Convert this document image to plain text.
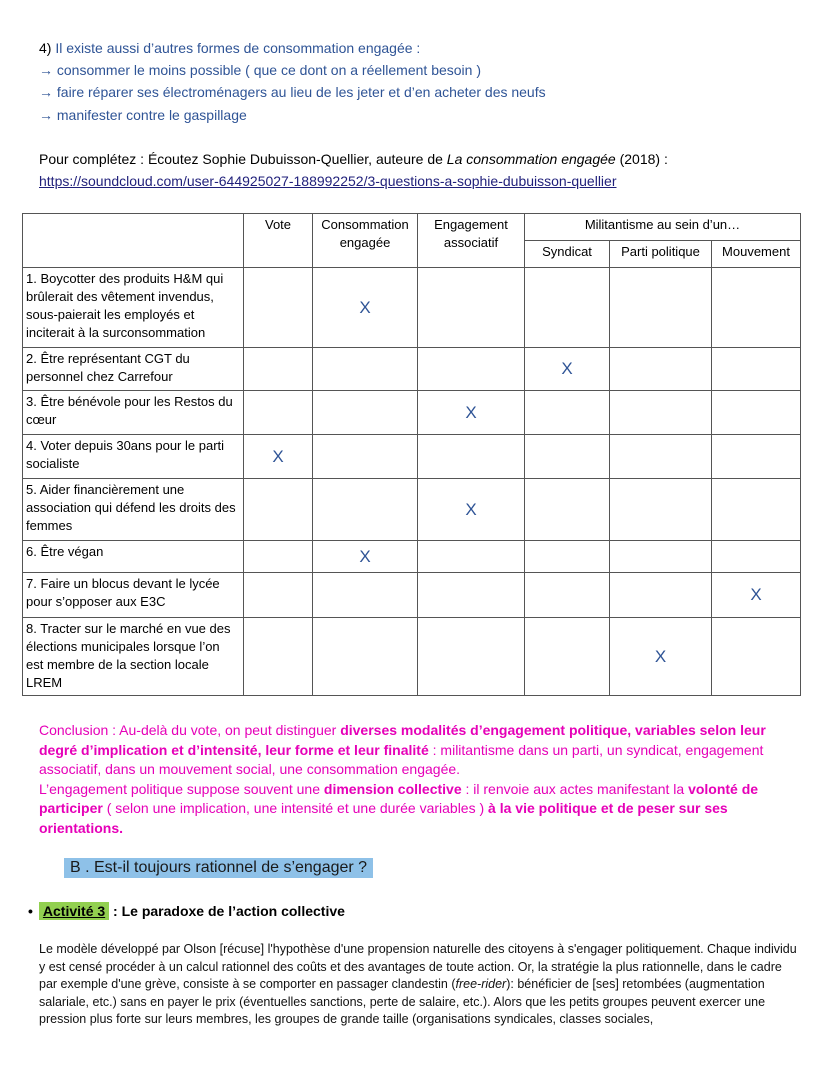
4) Il existe aussi d’autres formes de consommation engagée :
→ consommer le moins possible ( que ce dont on a réellement besoin )
→ faire réparer ses électroménagers au lieu de les jeter et d’en acheter des neufs
→ manifester contre le gaspillage
Pour complétez : Écoutez Sophie Dubuisson-Quellier, auteure de La consommation engagée (2018) :
https://soundcloud.com/user-644925027-188992252/3-questions-a-sophie-dubuisson-quellier
	Vote	Consommation engagée	Engagement associatif	Militantisme au sein d’un…		
				Syndicat	Parti politique	Mouvement
1. Boycotter des produits H&M qui brûlerait des vêtement invendus, sous-paierait les employés et inciterait à la surconsommation		X				
2. Être représentant CGT du personnel chez Carrefour				X		
3. Être bénévole pour les Restos du cœur			X			
4. Voter depuis 30ans pour le parti socialiste	X					
5. Aider financièrement une association qui défend les droits des femmes			X			
6. Être végan		X				
7. Faire un blocus devant le lycée pour s’opposer aux E3C						X
8. Tracter sur le marché en vue des élections municipales lorsque l’on est membre de la section locale LREM					X	
Conclusion : Au-delà du vote, on peut distinguer diverses modalités d’engagement politique, variables selon leur degré d’implication et d’intensité, leur forme et leur finalité : militantisme dans un parti, un syndicat, engagement associatif, dans un mouvement social, une consommation engagée.
L’engagement politique suppose souvent une dimension collective : il renvoie aux actes manifestant la volonté de participer ( selon une implication, une intensité et une durée variables ) à la vie politique et de peser sur ses orientations.
B . Est-il toujours rationnel de s’engager ?
• Activité 3 : Le paradoxe de l’action collective
Le modèle développé par Olson [récuse] l'hypothèse d'une propension naturelle des citoyens à s'engager politiquement. Chaque individu y est censé procéder à un calcul rationnel des coûts et des avantages de toute action. Or, la stratégie la plus rationnelle, dans le cadre par exemple d'une grève, consiste à se comporter en passager clandestin (free-rider): bénéficier de [ses] retombées (augmentation salariale, etc.) sans en payer le prix (éventuelles sanctions, perte de salaire, etc.). Alors que les petits groupes peuvent exercer une pression plus forte sur leurs membres, les groupes de grande taille (organisations syndicales, classes sociales,
